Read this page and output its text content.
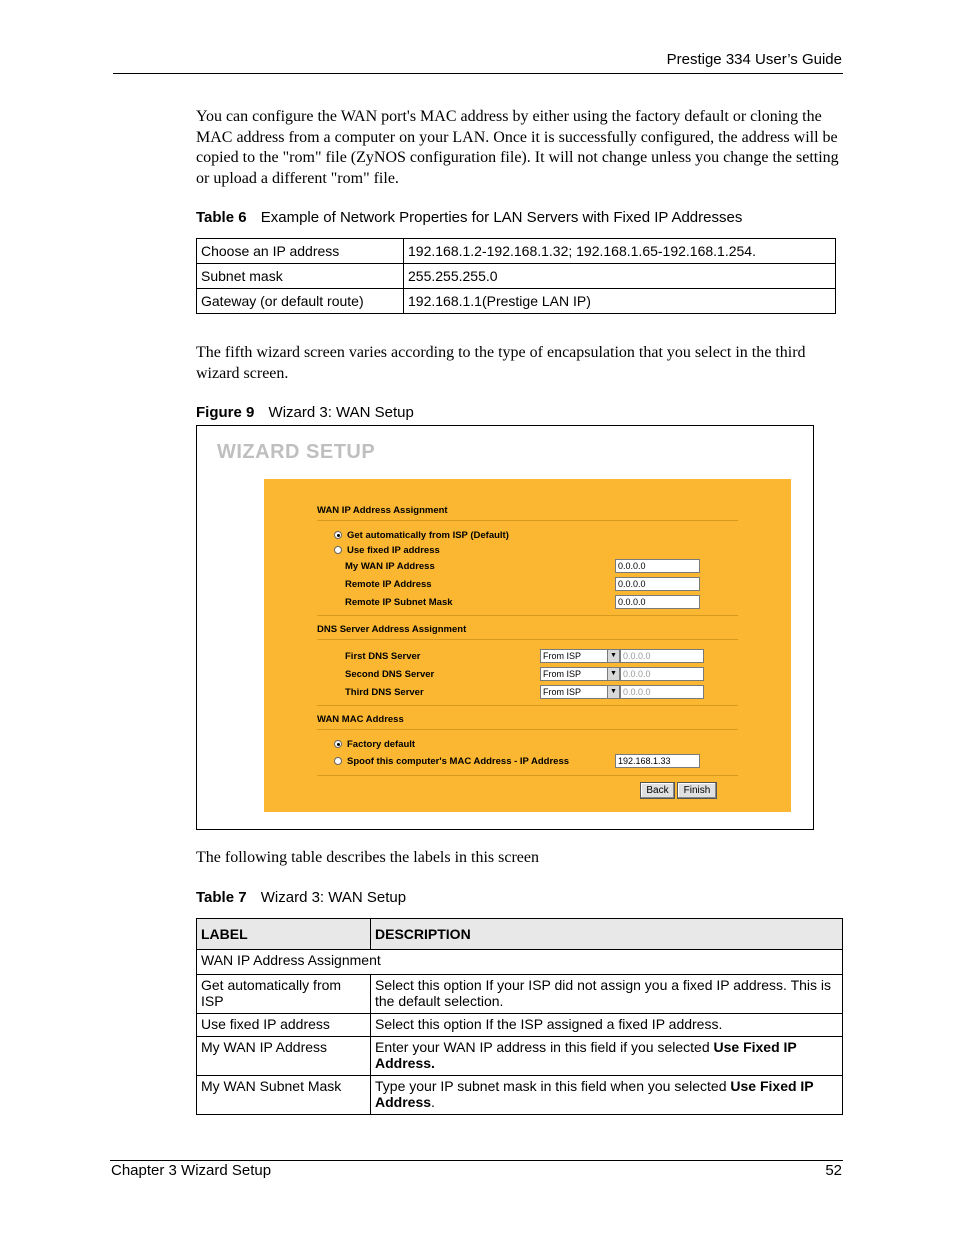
Prestige 334 User’s Guide
You can configure the WAN port's MAC address by either using the factory default or cloning the MAC address from a computer on your LAN. Once it is successfully configured, the address will be copied to the "rom" file (ZyNOS configuration file). It will not change unless you change the setting or upload a different "rom" file.
Table 6 Example of Network Properties for LAN Servers with Fixed IP Addresses
Choose an IP address	192.168.1.2-192.168.1.32; 192.168.1.65-192.168.1.254.
Subnet mask	255.255.255.0
Gateway (or default route)	192.168.1.1(Prestige LAN IP)
The fifth wizard screen varies according to the type of encapsulation that you select in the third wizard screen.
Figure 9 Wizard 3: WAN Setup
WIZARD SETUP
WAN IP Address Assignment
Get automatically from ISP (Default)
Use fixed IP address
My WAN IP Address	0.0.0.0
Remote IP Address	0.0.0.0
Remote IP Subnet Mask	0.0.0.0
DNS Server Address Assignment
First DNS Server	From ISP	▼ 0.0.0.0
Second DNS Server	From ISP	▼ 0.0.0.0
Third DNS Server	From ISP	▼ 0.0.0.0
WAN MAC Address
Factory default
Spoof this computer's MAC Address - IP Address	192.168.1.33
Back	Finish
The following table describes the labels in this screen
Table 7 Wizard 3: WAN Setup
LABEL	DESCRIPTION
WAN IP Address Assignment	
Get automatically from ISP	Select this option If your ISP did not assign you a fixed IP address. This is the default selection.
Use fixed IP address	Select this option If the ISP assigned a fixed IP address.
My WAN IP Address	Enter your WAN IP address in this field if you selected Use Fixed IP Address.
My WAN Subnet Mask	Type your IP subnet mask in this field when you selected Use Fixed IP Address.
Chapter 3 Wizard Setup	52
